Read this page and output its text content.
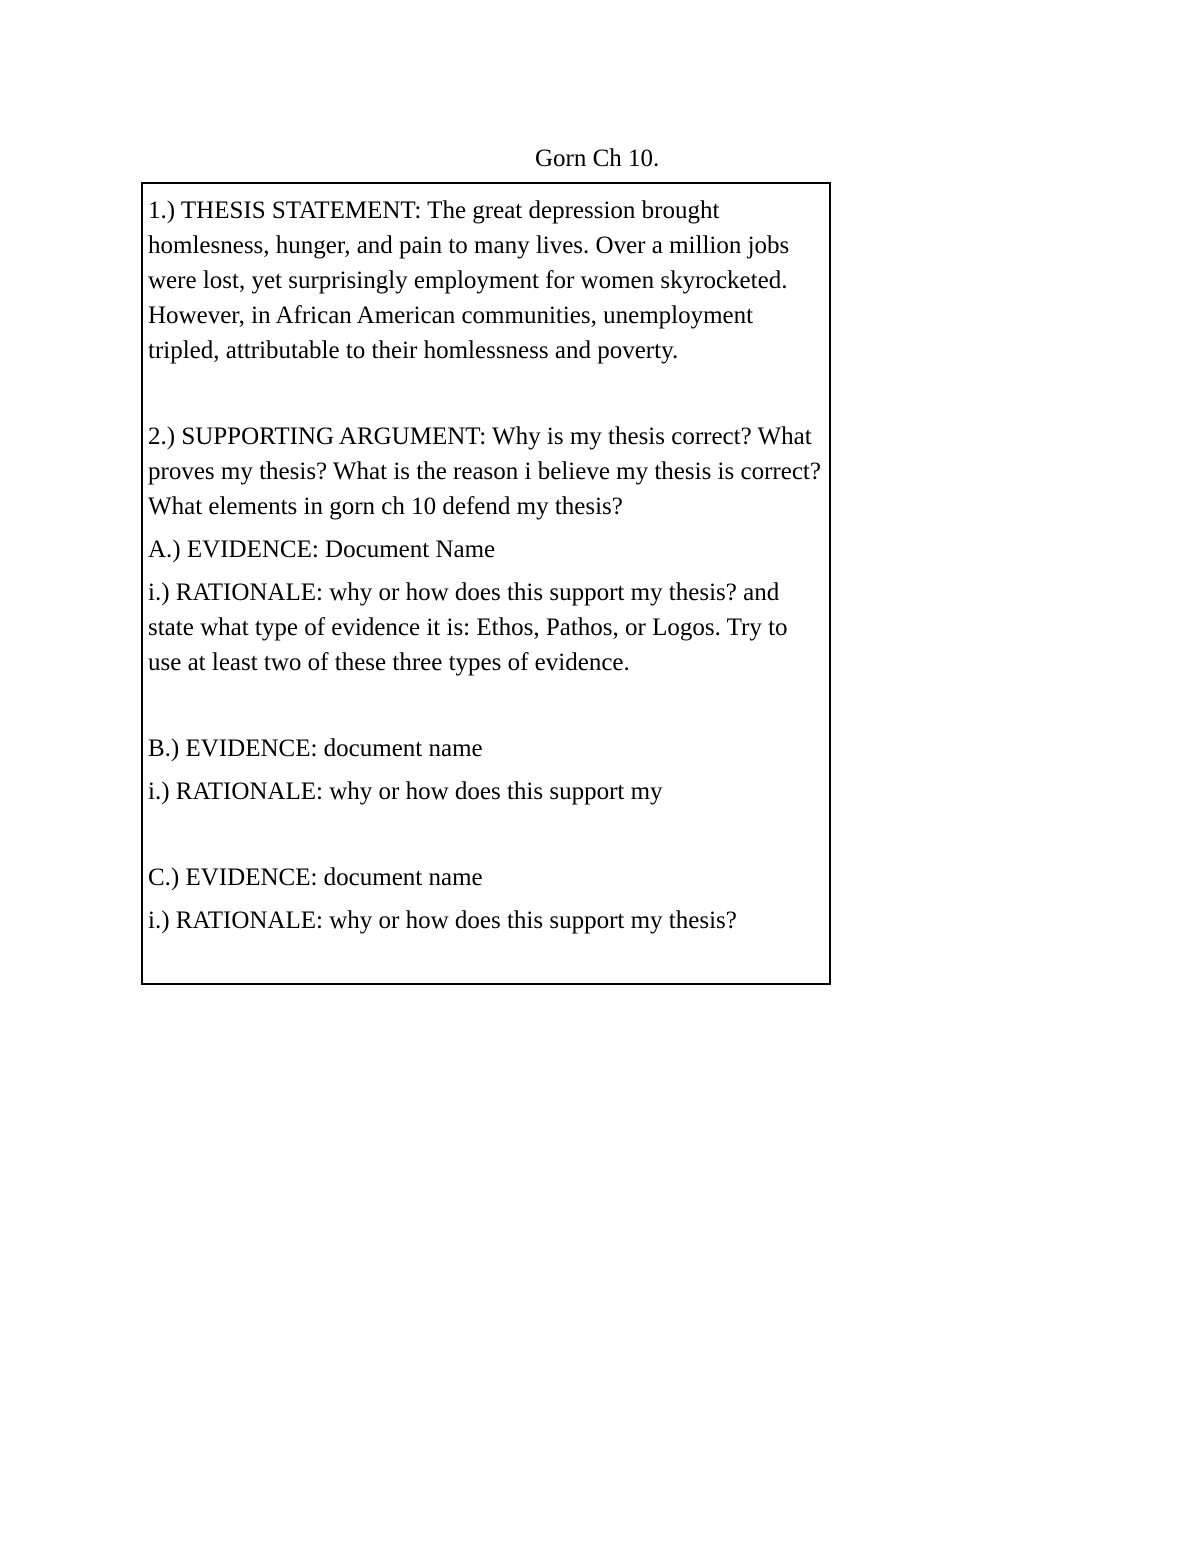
Gorn Ch 10.

1.) THESIS STATEMENT: The great depression brought homlesness, hunger, and pain to many lives. Over a million jobs were lost, yet surprisingly employment for women skyrocketed. However, in African American communities, unemployment tripled, attributable to their homlessness and poverty.

2.) SUPPORTING ARGUMENT: Why is my thesis correct? What proves my thesis? What is the reason i believe my thesis is correct? What elements in gorn ch 10 defend my thesis?

A.) EVIDENCE: Document Name

i.) RATIONALE: why or how does this support my thesis? and state what type of evidence it is: Ethos, Pathos, or Logos. Try to use at least two of these three types of evidence.

B.) EVIDENCE: document name

i.) RATIONALE: why or how does this support my

C.) EVIDENCE: document name

i.) RATIONALE: why or how does this support my thesis?
